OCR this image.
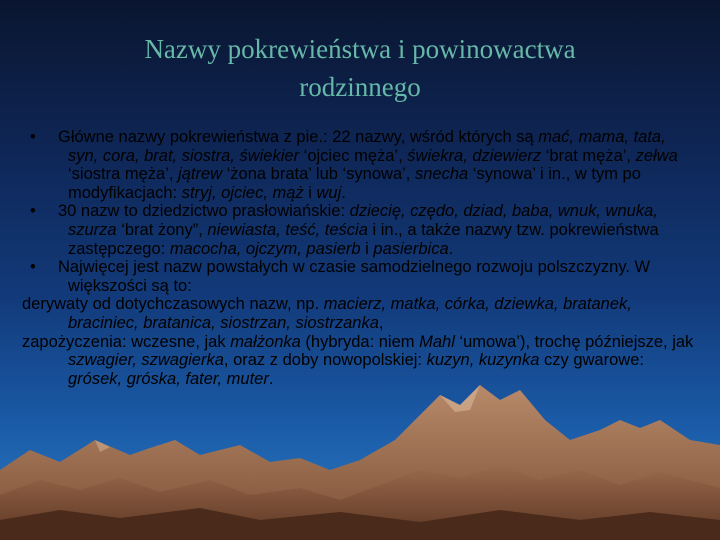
Nazwy pokrewieństwa i powinowactwa
rodzinnego
• Główne nazwy pokrewieństwa z pie.: 22 nazwy, wśród których są mać, mama, tata, syn, cora, brat, siostra, świekier ‘ojciec męża’, świekra, dziewierz ‘brat męża’, zełwa ‘siostra męża’, jątrew ‘żona brata’ lub ‘synowa’, snecha ‘synowa’ i in., w tym po modyfikacjach: stryj, ojciec, mąż i wuj.
• 30 nazw to dziedzictwo prasłowiańskie: dziecię, czędo, dziad, baba, wnuk, wnuka, szurza ‘brat żony”, niewiasta, teść, teścia i in., a także nazwy tzw. pokrewieństwa zastępczego: macocha, ojczym, pasierb i pasierbica.
• Najwięcej jest nazw powstałych w czasie samodzielnego rozwoju polszczyzny. W większości są to:
derywaty od dotychczasowych nazw, np. macierz, matka, córka, dziewka, bratanek, braciniec, bratanica, siostrzan, siostrzanka,
zapożyczenia: wczesne, jak małżonka (hybryda: niem Mahl ‘umowa’), trochę późniejsze, jak szwagier, szwagierka, oraz z doby nowopolskiej: kuzyn, kuzynka czy gwarowe: grósek, gróska, fater, muter.
